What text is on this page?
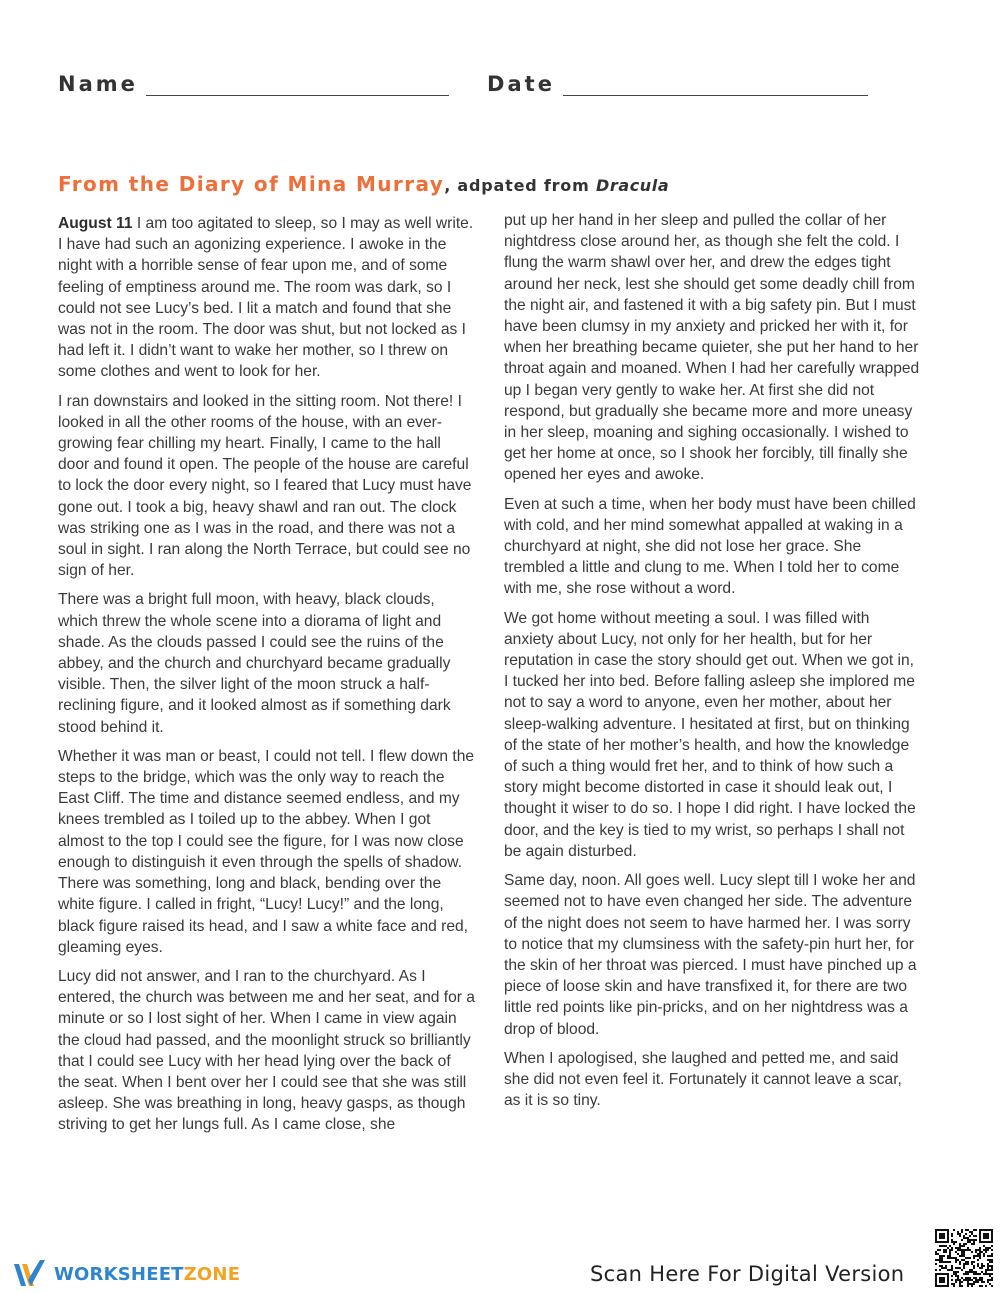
Name	Date
From the Diary of Mina Murray, adpated from Dracula

August 11 I am too agitated to sleep, so I may as well write. I have had such an agonizing experience. I awoke in the night with a horrible sense of fear upon me, and of some feeling of emptiness around me. The room was dark, so I could not see Lucy’s bed. I lit a match and found that she was not in the room. The door was shut, but not locked as I had left it. I didn’t want to wake her mother, so I threw on some clothes and went to look for her.

I ran downstairs and looked in the sitting room. Not there! I looked in all the other rooms of the house, with an ever-growing fear chilling my heart. Finally, I came to the hall door and found it open. The people of the house are careful to lock the door every night, so I feared that Lucy must have gone out. I took a big, heavy shawl and ran out. The clock was striking one as I was in the road, and there was not a soul in sight. I ran along the North Terrace, but could see no sign of her.

There was a bright full moon, with heavy, black clouds, which threw the whole scene into a diorama of light and shade. As the clouds passed I could see the ruins of the abbey, and the church and churchyard became gradually visible. Then, the silver light of the moon struck a half-reclining figure, and it looked almost as if something dark stood behind it.

Whether it was man or beast, I could not tell. I flew down the steps to the bridge, which was the only way to reach the East Cliff. The time and distance seemed endless, and my knees trembled as I toiled up to the abbey. When I got almost to the top I could see the figure, for I was now close enough to distinguish it even through the spells of shadow. There was something, long and black, bending over the white figure. I called in fright, “Lucy! Lucy!” and the long, black figure raised its head, and I saw a white face and red, gleaming eyes.

Lucy did not answer, and I ran to the churchyard. As I entered, the church was between me and her seat, and for a minute or so I lost sight of her. When I came in view again the cloud had passed, and the moonlight struck so brilliantly that I could see Lucy with her head lying over the back of the seat. When I bent over her I could see that she was still asleep. She was breathing in long, heavy gasps, as though striving to get her lungs full. As I came close, she

put up her hand in her sleep and pulled the collar of her nightdress close around her, as though she felt the cold. I flung the warm shawl over her, and drew the edges tight around her neck, lest she should get some deadly chill from the night air, and fastened it with a big safety pin. But I must have been clumsy in my anxiety and pricked her with it, for when her breathing became quieter, she put her hand to her throat again and moaned. When I had her carefully wrapped up I began very gently to wake her. At first she did not respond, but gradually she became more and more uneasy in her sleep, moaning and sighing occasionally. I wished to get her home at once, so I shook her forcibly, till finally she opened her eyes and awoke.

Even at such a time, when her body must have been chilled with cold, and her mind somewhat appalled at waking in a churchyard at night, she did not lose her grace. She trembled a little and clung to me. When I told her to come with me, she rose without a word.

We got home without meeting a soul. I was filled with anxiety about Lucy, not only for her health, but for her reputation in case the story should get out. When we got in, I tucked her into bed. Before falling asleep she implored me not to say a word to anyone, even her mother, about her sleep-walking adventure. I hesitated at first, but on thinking of the state of her mother’s health, and how the knowledge of such a thing would fret her, and to think of how such a story might become distorted in case it should leak out, I thought it wiser to do so. I hope I did right. I have locked the door, and the key is tied to my wrist, so perhaps I shall not be again disturbed.

Same day, noon. All goes well. Lucy slept till I woke her and seemed not to have even changed her side. The adventure of the night does not seem to have harmed her. I was sorry to notice that my clumsiness with the safety-pin hurt her, for the skin of her throat was pierced. I must have pinched up a piece of loose skin and have transfixed it, for there are two little red points like pin-pricks, and on her nightdress was a drop of blood.

When I apologised, she laughed and petted me, and said she did not even feel it. Fortunately it cannot leave a scar, as it is so tiny.

WORKSHEETZONE	Scan Here For Digital Version
